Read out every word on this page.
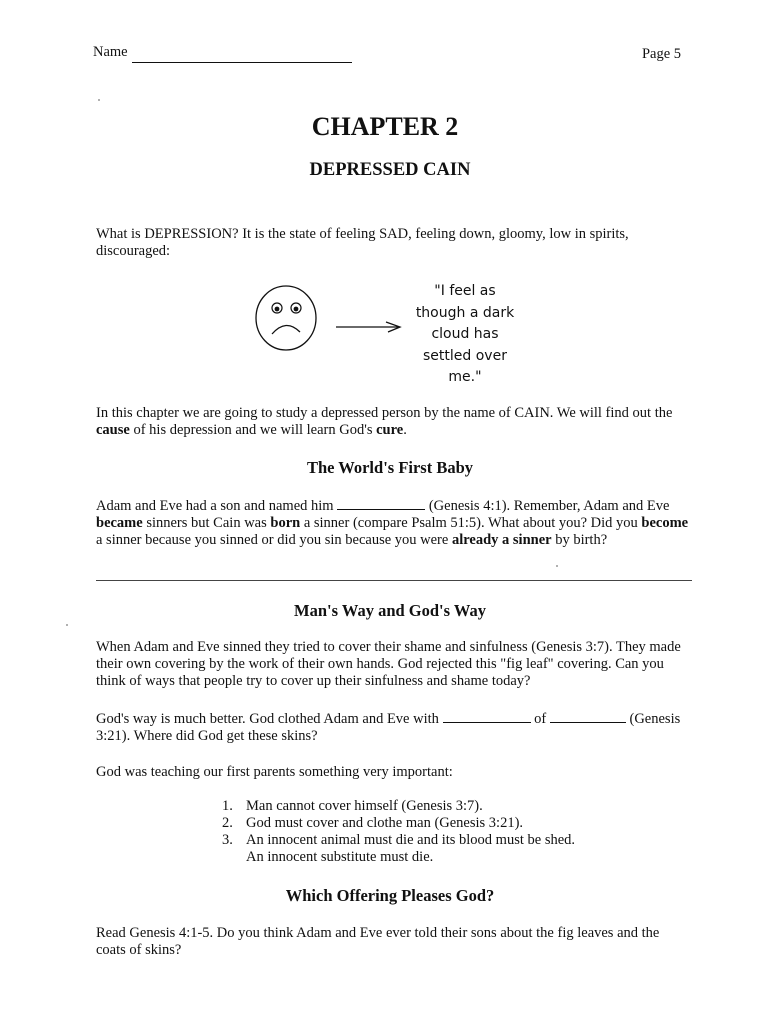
Name	Page 5
CHAPTER 2
DEPRESSED CAIN
What is DEPRESSION? It is the state of feeling SAD, feeling down, gloomy, low in spirits, discouraged:
"I feel as
though a dark
cloud has
settled over
me."
In this chapter we are going to study a depressed person by the name of CAIN. We will find out the cause of his depression and we will learn God's cure.
The World's First Baby
Adam and Eve had a son and named him	(Genesis 4:1). Remember, Adam and Eve became sinners but Cain was born a sinner (compare Psalm 51:5). What about you? Did you become a sinner because you sinned or did you sin because you were already a sinner by birth?
Man's Way and God's Way
When Adam and Eve sinned they tried to cover their shame and sinfulness (Genesis 3:7). They made their own covering by the work of their own hands. God rejected this "fig leaf" covering. Can you think of ways that people try to cover up their sinfulness and shame today?
God's way is much better. God clothed Adam and Eve with	of	(Genesis 3:21). Where did God get these skins?
God was teaching our first parents something very important:
1. Man cannot cover himself (Genesis 3:7).
2. God must cover and clothe man (Genesis 3:21).
3. An innocent animal must die and its blood must be shed.
An innocent substitute must die.
Which Offering Pleases God?
Read Genesis 4:1-5. Do you think Adam and Eve ever told their sons about the fig leaves and the coats of skins?
